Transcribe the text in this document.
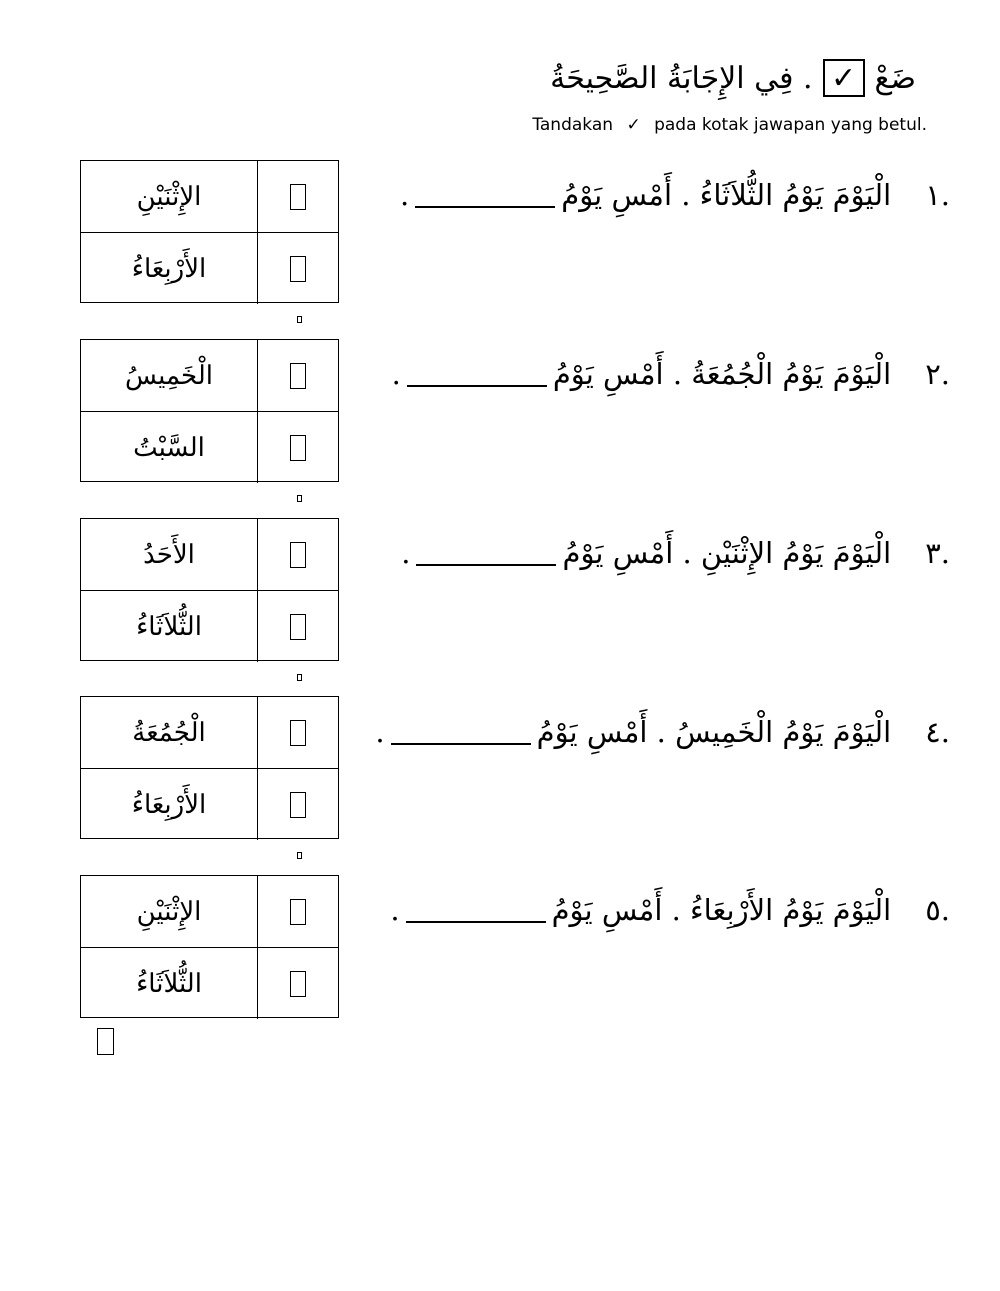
فِي الإِجَابَةُ الصَّحِيحَةُ . ✓ ضَعْ
Tandakan ✓ pada kotak jawapan yang betul.
.١
الْيَوْمَ يَوْمُ الثُّلاَثَاءُ . أَمْسِ يَوْمُ
.
الإِثْنَيْنِ
الأَرْبِعَاءُ
.٢
الْيَوْمَ يَوْمُ الْجُمُعَةُ . أَمْسِ يَوْمُ
.
الْخَمِيسُ
السَّبْتُ
.٣
الْيَوْمَ يَوْمُ الإِثْنَيْنِ . أَمْسِ يَوْمُ
.
الأَحَدُ
الثُّلاَثَاءُ
.٤
الْيَوْمَ يَوْمُ الْخَمِيسُ . أَمْسِ يَوْمُ
.
الْجُمُعَةُ
الأَرْبِعَاءُ
.٥
الْيَوْمَ يَوْمُ الأَرْبِعَاءُ . أَمْسِ يَوْمُ
.
الإِثْنَيْنِ
الثُّلاَثَاءُ
